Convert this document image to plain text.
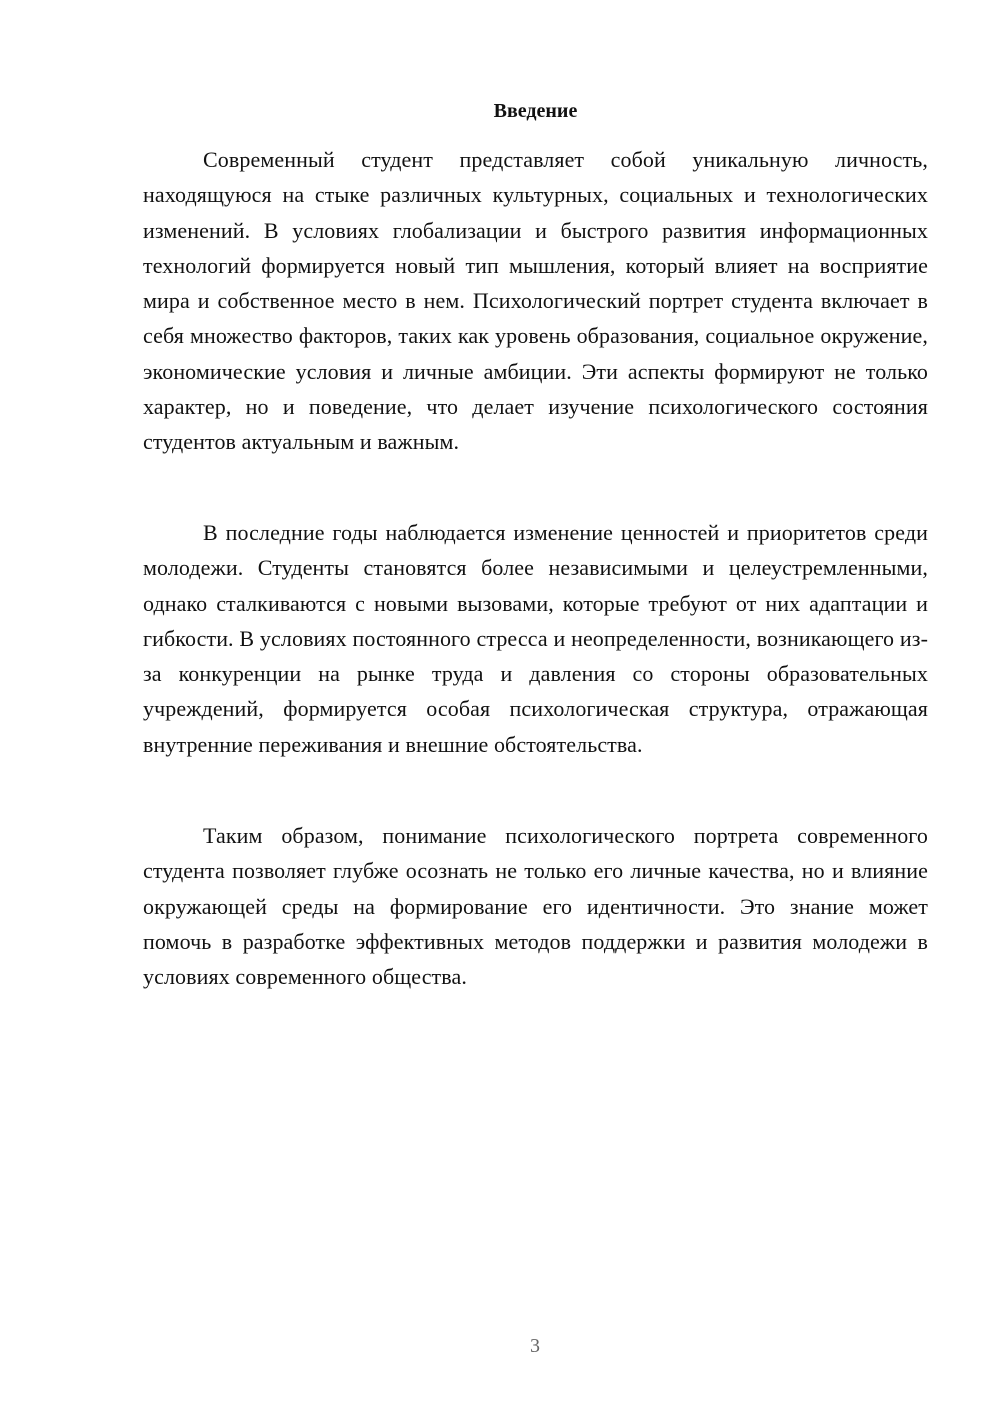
Введение

Современный студент представляет собой уникальную личность, находящуюся на стыке различных культурных, социальных и технологических изменений. В условиях глобализации и быстрого развития информационных технологий формируется новый тип мышления, который влияет на восприятие мира и собственное место в нем. Психологический портрет студента включает в себя множество факторов, таких как уровень образования, социальное окружение, экономические условия и личные амбиции. Эти аспекты формируют не только характер, но и поведение, что делает изучение психологического состояния студентов актуальным и важным.

В последние годы наблюдается изменение ценностей и приоритетов среди молодежи. Студенты становятся более независимыми и целеустремленными, однако сталкиваются с новыми вызовами, которые требуют от них адаптации и гибкости. В условиях постоянного стресса и неопределенности, возникающего из-за конкуренции на рынке труда и давления со стороны образовательных учреждений, формируется особая психологическая структура, отражающая внутренние переживания и внешние обстоятельства.

Таким образом, понимание психологического портрета современного студента позволяет глубже осознать не только его личные качества, но и влияние окружающей среды на формирование его идентичности. Это знание может помочь в разработке эффективных методов поддержки и развития молодежи в условиях современного общества.

3
